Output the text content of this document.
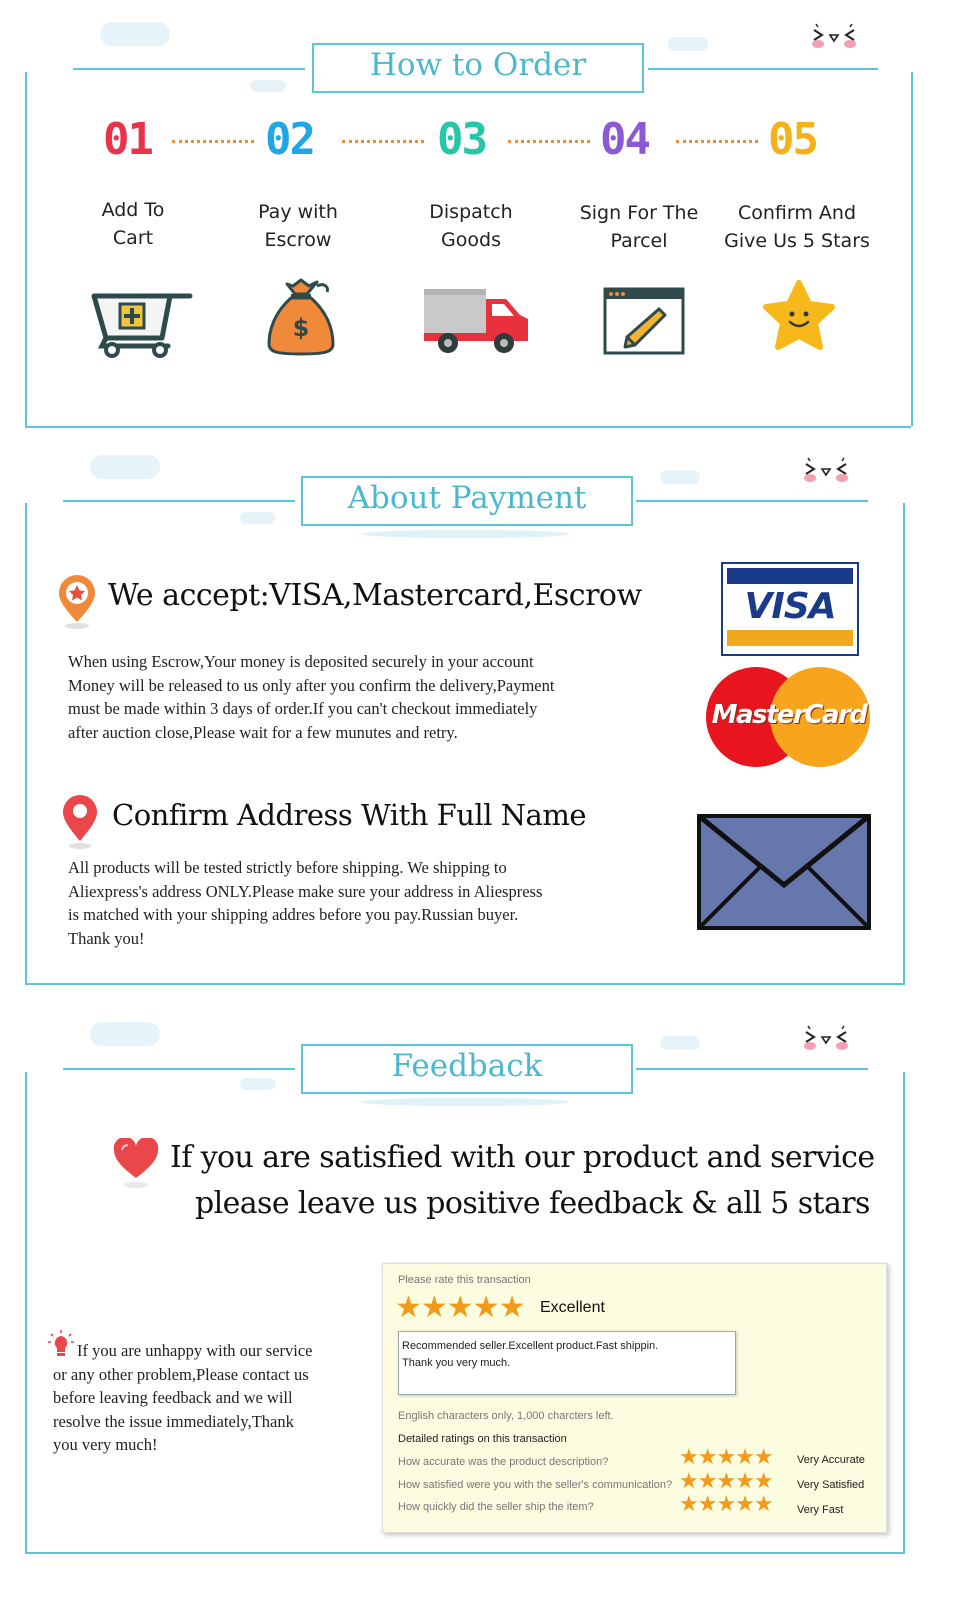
How to Order
01	02	03	04	05
Add To
Cart
Pay with
Escrow
Dispatch
Goods
Sign For The
Parcel
Confirm And
Give Us 5 Stars
$
About Payment
We accept:VISA,Mastercard,Escrow
When using Escrow,Your money is deposited securely in your account
Money will be released to us only after you confirm the delivery,Payment
must be made within 3 days of order.If you can't checkout immediately
after auction close,Please wait for a few munutes and retry.
VISA
MasterCard
Confirm Address With Full Name
All products will be tested strictly before shipping. We shipping to
Aliexpress's address ONLY.Please make sure your address in Aliespress
is matched with your shipping addres before you pay.Russian buyer.
Thank you!
Feedback
If you are satisfied with our product and service
please leave us positive feedback & all 5 stars
If you are unhappy with our service
or any other problem,Please contact us
before leaving feedback and we will
resolve the issue immediately,Thank
you very much!
Please rate this transaction
★★★★★ Excellent
Recommended seller.Excellent product.Fast shippin.
Thank you very much.
English characters only, 1,000 charcters left.
Detailed ratings on this transaction
How accurate was the product description?	★★★★★ Very Accurate
How satisfied were you with the seller's communication? ★★★★★ Very Satisfied
How quickly did the seller ship the item?	★★★★★ Very Fast
